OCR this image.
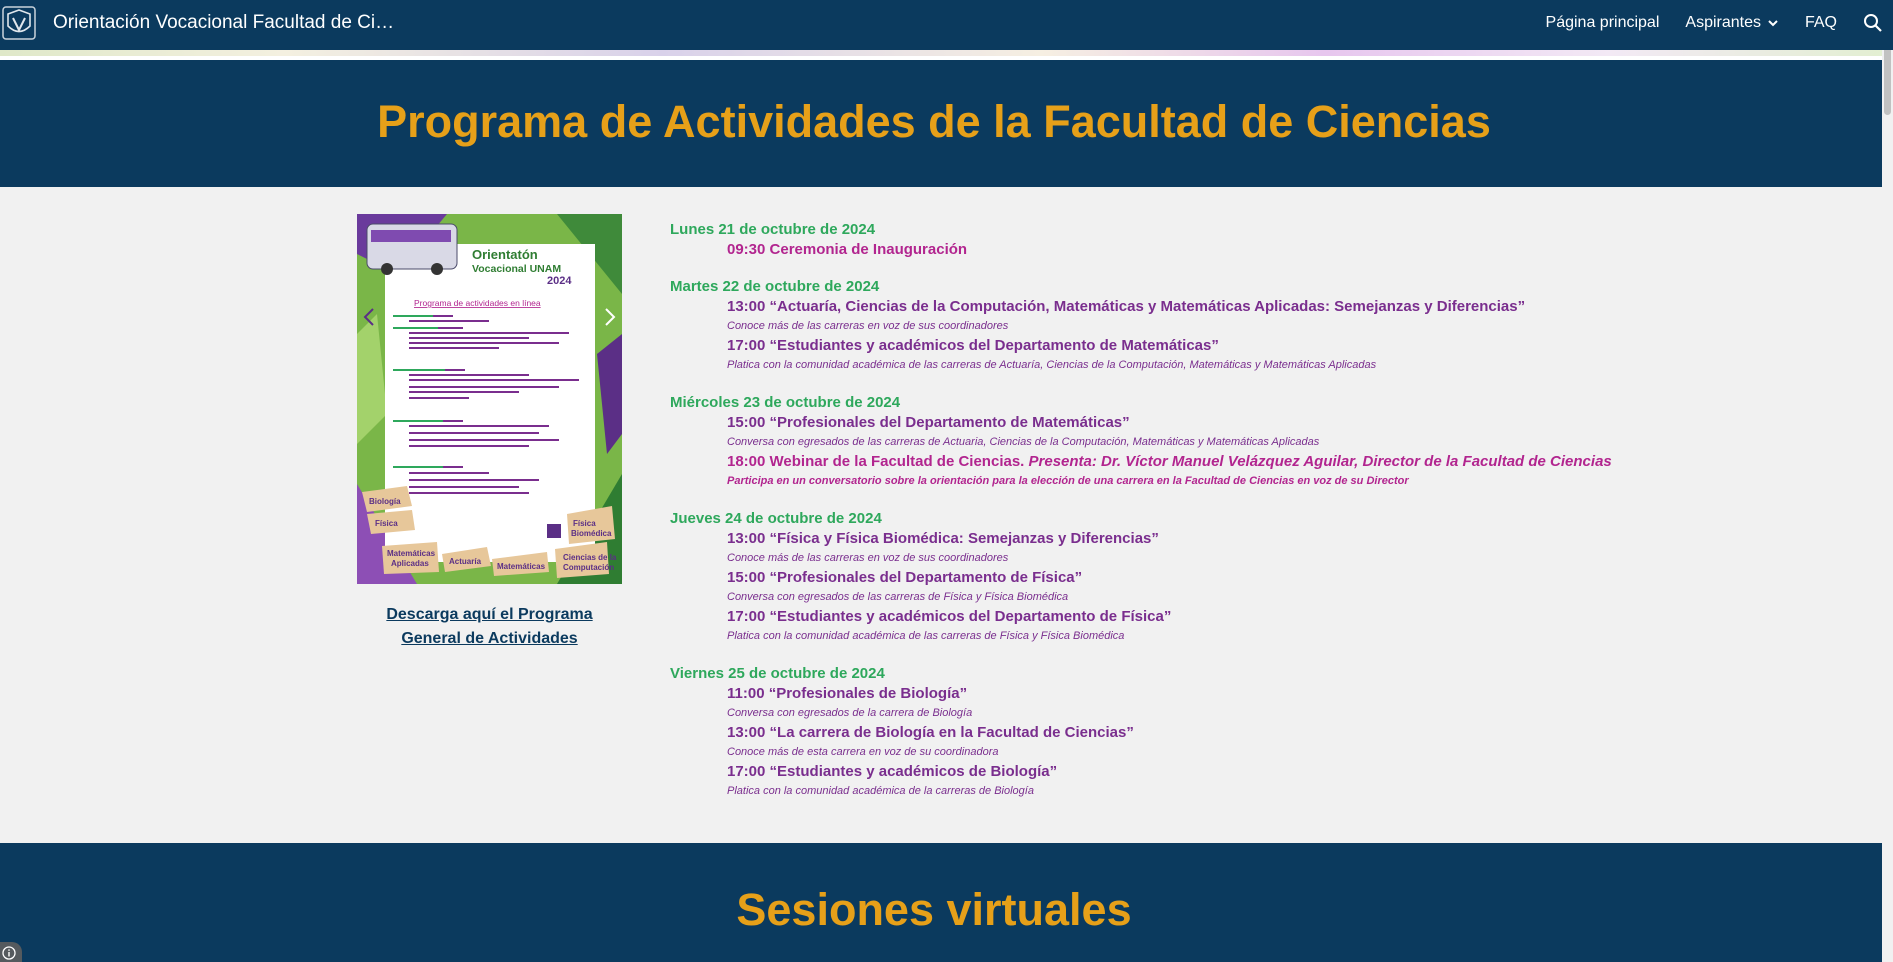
Orientación Vocacional Facultad de Ci…	Página principal Aspirantes	FAQ
Programa de Actividades de la Facultad de Ciencias
Orientatón
Vocacional UNAM
2024
Programa de actividades en línea
Biología
Física
Matemáticas
Aplicadas	Actuaría
Matemáticas
Física
Biomédica
Ciencias de la
Computación
Descarga aquí el Programa General de Actividades
Lunes 21 de octubre de 2024
09:30 Ceremonia de Inauguración
Martes 22 de octubre de 2024
13:00 “Actuaría, Ciencias de la Computación, Matemáticas y Matemáticas Aplicadas: Semejanzas y Diferencias”
Conoce más de las carreras en voz de sus coordinadores
17:00 “Estudiantes y académicos del Departamento de Matemáticas”
Platica con la comunidad académica de las carreras de Actuaría, Ciencias de la Computación, Matemáticas y Matemáticas Aplicadas
Miércoles 23 de octubre de 2024
15:00 “Profesionales del Departamento de Matemáticas”
Conversa con egresados de las carreras de Actuaria, Ciencias de la Computación, Matemáticas y Matemáticas Aplicadas
18:00 Webinar de la Facultad de Ciencias. Presenta: Dr. Víctor Manuel Velázquez Aguilar, Director de la Facultad de Ciencias
Participa en un conversatorio sobre la orientación para la elección de una carrera en la Facultad de Ciencias en voz de su Director
Jueves 24 de octubre de 2024
13:00 “Física y Física Biomédica: Semejanzas y Diferencias”
Conoce más de las carreras en voz de sus coordinadores
15:00 “Profesionales del Departamento de Física”
Conversa con egresados de las carreras de Física y Física Biomédica
17:00 “Estudiantes y académicos del Departamento de Física”
Platica con la comunidad académica de las carreras de Física y Física Biomédica
Viernes 25 de octubre de 2024
11:00 “Profesionales de Biología”
Conversa con egresados de la carrera de Biología
13:00 “La carrera de Biología en la Facultad de Ciencias”
Conoce más de esta carrera en voz de su coordinadora
17:00 “Estudiantes y académicos de Biología”
Platica con la comunidad académica de la carreras de Biología
Sesiones virtuales
